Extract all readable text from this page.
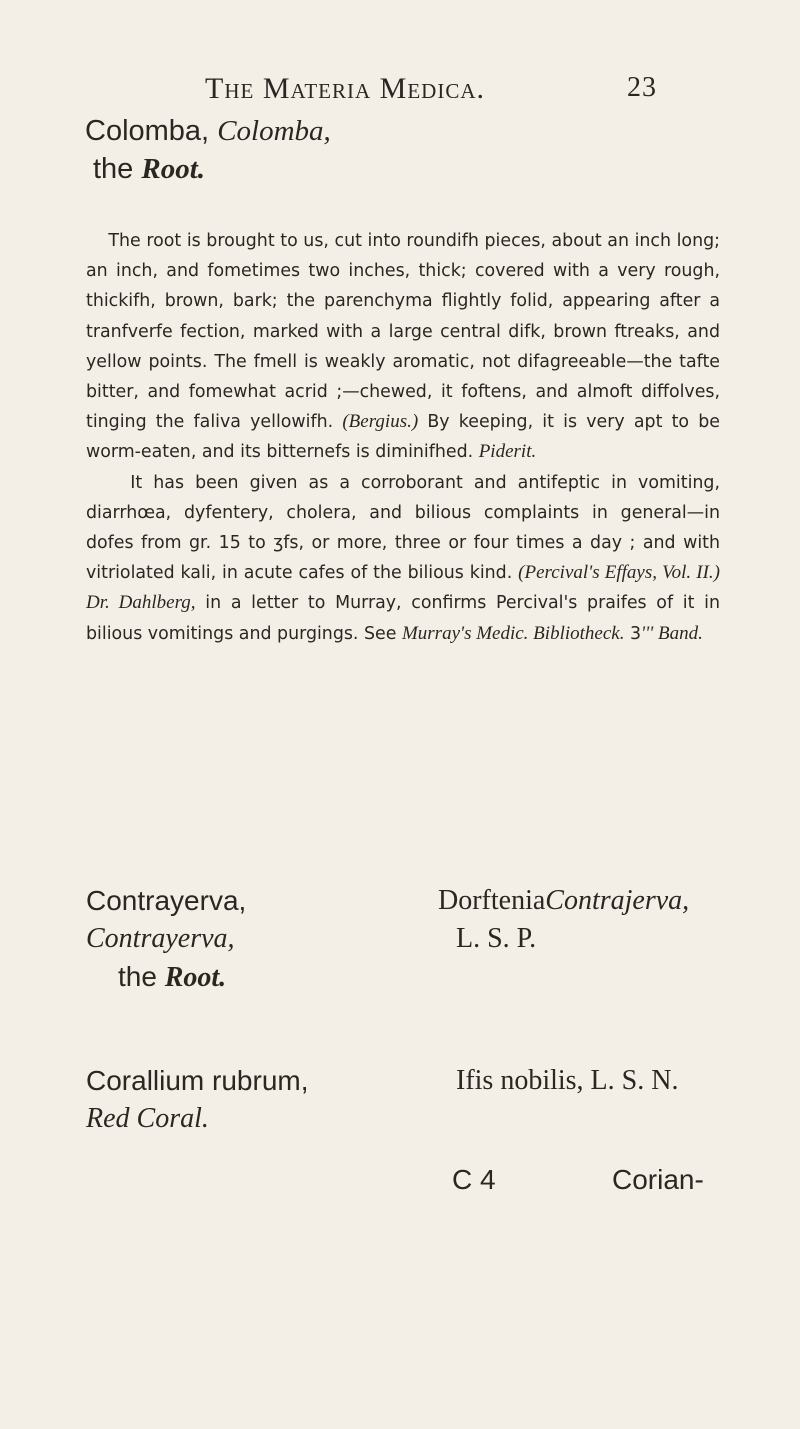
The Materia Medica.	23
Colomba, Colomba,
the Root.

The root is brought to us, cut into roundifh pieces, about an inch long; an inch, and fometimes two inches, thick; covered with a very rough, thickifh, brown, bark; the parenchyma flightly folid, appearing after a tranfverfe fection, marked with a large central difk, brown ftreaks, and yellow points. The fmell is weakly aromatic, not difagreeable—the tafte bitter, and fomewhat acrid ;—chewed, it foftens, and almoft diffolves, tinging the faliva yellowifh. (Bergius.) By keeping, it is very apt to be worm-eaten, and its bitternefs is diminifhed. Piderit.

It has been given as a corroborant and antifeptic in vomiting, diarrhœa, dyfentery, cholera, and bilious complaints in general—in dofes from gr. 15 to ʒfs, or more, three or four times a day ; and with vitriolated kali, in acute cafes of the bilious kind. (Percival's Effays, Vol. II.) Dr. Dahlberg, in a letter to Murray, confirms Percival's praifes of it in bilious vomitings and purgings. See Murray's Medic. Bibliotheck. 3''' Band.

Contrayerva,
Contrayerva,
the Root.
DorfteniaContrajerva,
L. S. P.
Corallium rubrum,
Red Coral.
Ifis nobilis, L. S. N.
C 4	Corian-
